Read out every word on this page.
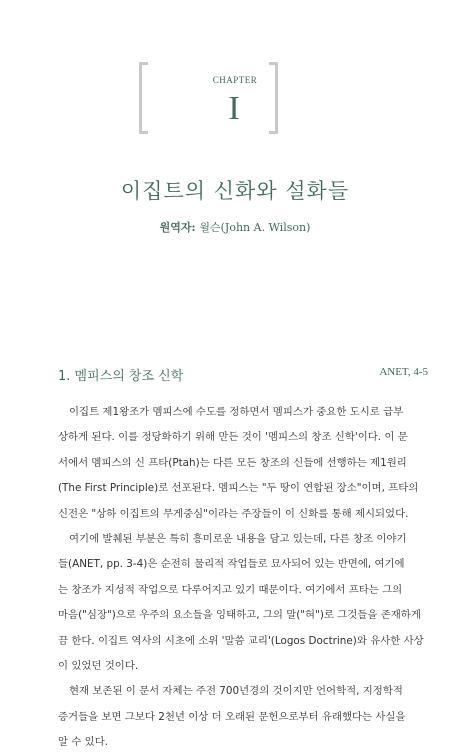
CHAPTER
I
이집트의 신화와 설화들
원역자: 윌슨(John A. Wilson)
1. 멤피스의 창조 신학	ANET, 4-5
이집트 제1왕조가 멤피스에 수도를 정하면서 멤피스가 중요한 도시로 급부
상하게 된다. 이를 정당화하기 위해 만든 것이 '멤피스의 창조 신학'이다. 이 문
서에서 멤피스의 신 프타(Ptah)는 다른 모든 창조의 신들에 선행하는 제1원리
(The First Principle)로 선포된다. 멤피스는 "두 땅이 연합된 장소"이며, 프타의
신전은 "상하 이집트의 무게중심"이라는 주장들이 이 신화를 통해 제시되었다.
여기에 발췌된 부분은 특히 흥미로운 내용을 담고 있는데, 다른 창조 이야기
들(ANET, pp. 3-4)은 순전히 물리적 작업들로 묘사되어 있는 반면에, 여기에
는 창조가 지성적 작업으로 다루어지고 있기 때문이다. 여기에서 프타는 그의
마음("심장")으로 우주의 요소들을 잉태하고, 그의 말("혀")로 그것들을 존재하게
끔 한다. 이집트 역사의 시초에 소위 '말씀 교리'(Logos Doctrine)와 유사한 사상
이 있었던 것이다.
현재 보존된 이 문서 자체는 주전 700년경의 것이지만 언어학적, 지정학적
증거들을 보면 그보다 2천년 이상 더 오래된 문헌으로부터 유래했다는 사실을
알 수 있다.
